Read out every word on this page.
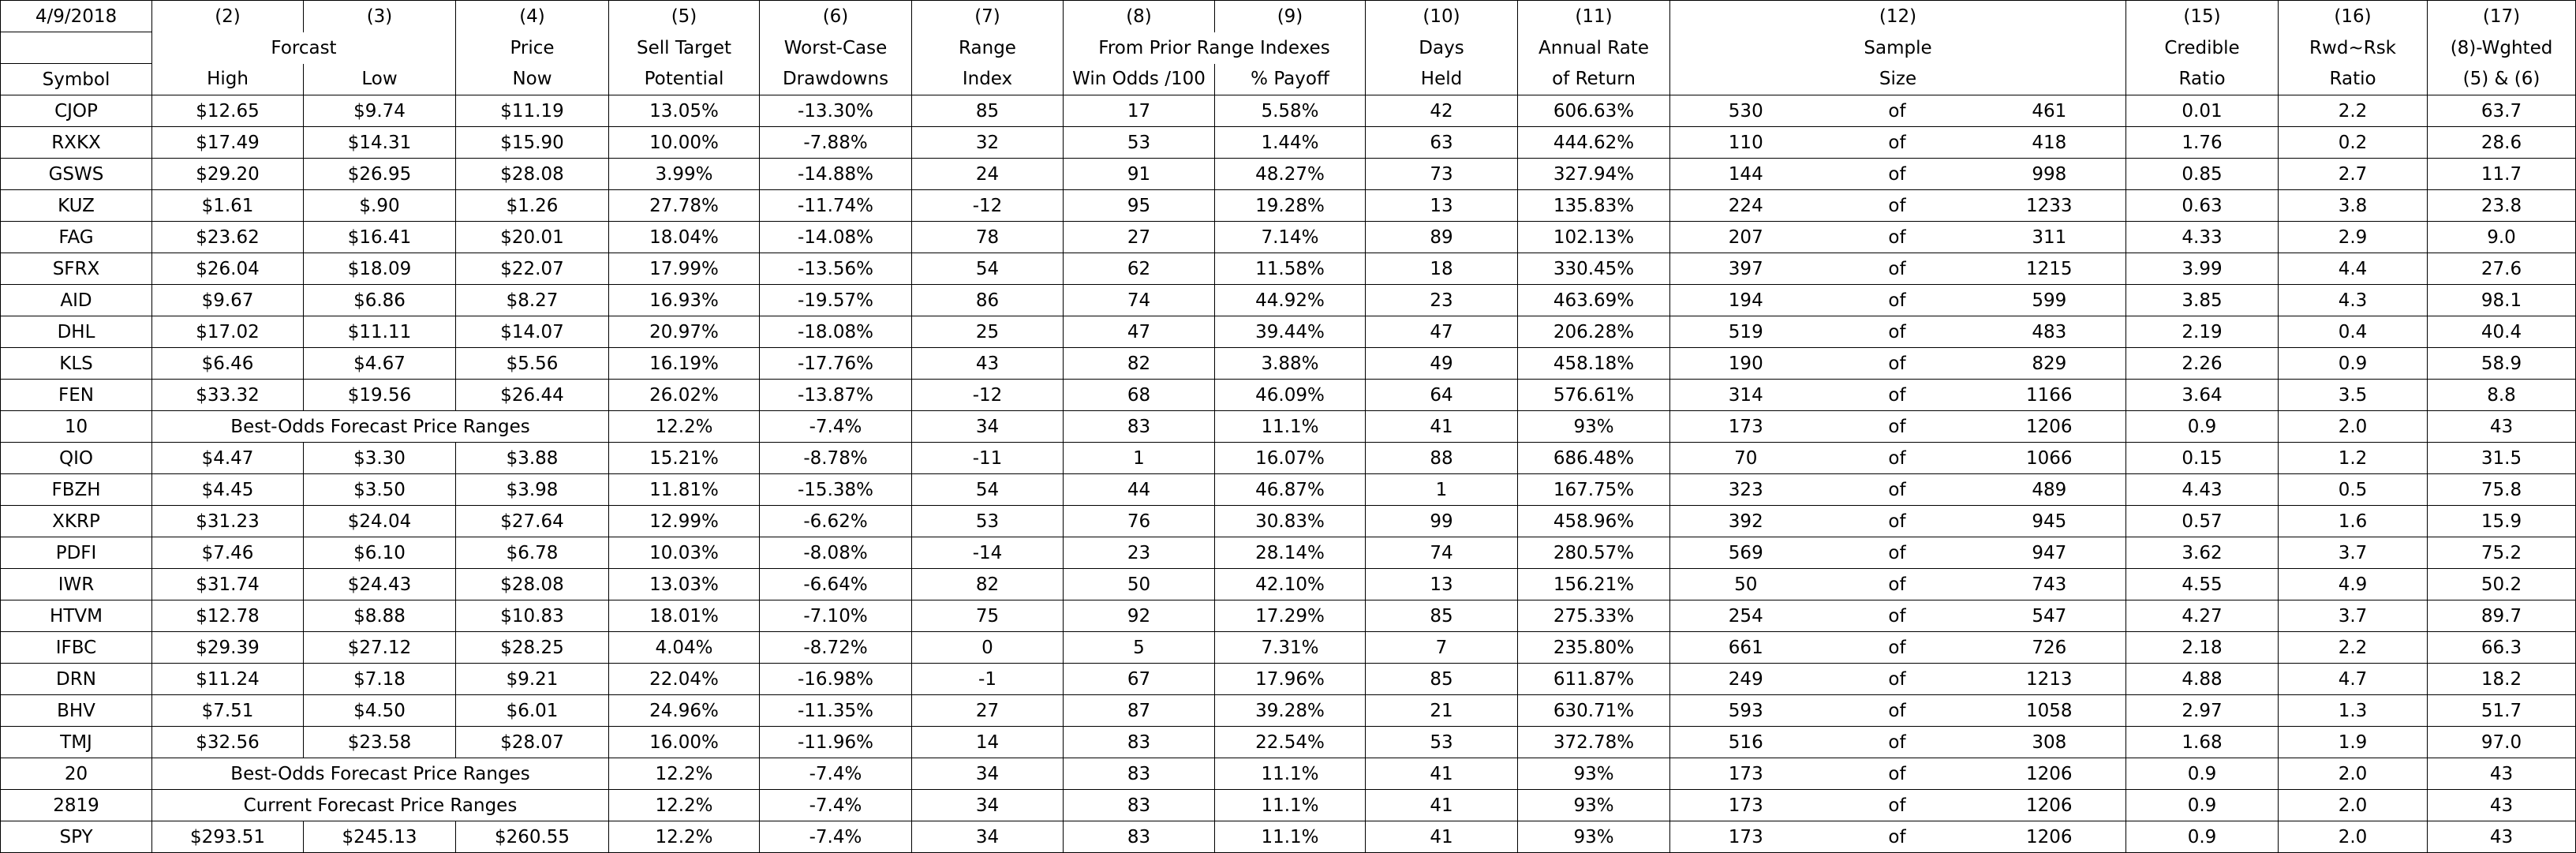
4/9/2018	(2)	(3)	(4)	(5)	(6)	(7)	(8)	(9)	(10)	(11)	(12)			(15)	(16)	(17)
	Forcast		Price	Sell Target	Worst-Case	Range	From Prior Range Indexes		Days	Annual Rate	Sample			Credible	Rwd~Rsk	(8)-Wghted
Symbol	High	Low	Now	Potential	Drawdowns	Index	Win Odds /100	% Payoff	Held	of Return	Size			Ratio	Ratio	(5) & (6)
CJOP	$12.65	$9.74	$11.19	13.05%	-13.30%	85	17	5.58%	42	606.63%	530	of	461	0.01	2.2	63.7
RXKX	$17.49	$14.31	$15.90	10.00%	-7.88%	32	53	1.44%	63	444.62%	110	of	418	1.76	0.2	28.6
GSWS	$29.20	$26.95	$28.08	3.99%	-14.88%	24	91	48.27%	73	327.94%	144	of	998	0.85	2.7	11.7
KUZ	$1.61	$.90	$1.26	27.78%	-11.74%	-12	95	19.28%	13	135.83%	224	of	1233	0.63	3.8	23.8
FAG	$23.62	$16.41	$20.01	18.04%	-14.08%	78	27	7.14%	89	102.13%	207	of	311	4.33	2.9	9.0
SFRX	$26.04	$18.09	$22.07	17.99%	-13.56%	54	62	11.58%	18	330.45%	397	of	1215	3.99	4.4	27.6
AID	$9.67	$6.86	$8.27	16.93%	-19.57%	86	74	44.92%	23	463.69%	194	of	599	3.85	4.3	98.1
DHL	$17.02	$11.11	$14.07	20.97%	-18.08%	25	47	39.44%	47	206.28%	519	of	483	2.19	0.4	40.4
KLS	$6.46	$4.67	$5.56	16.19%	-17.76%	43	82	3.88%	49	458.18%	190	of	829	2.26	0.9	58.9
FEN	$33.32	$19.56	$26.44	26.02%	-13.87%	-12	68	46.09%	64	576.61%	314	of	1166	3.64	3.5	8.8
10	Best-Odds Forecast Price Ranges			12.2%	-7.4%	34	83	11.1%	41	93%	173	of	1206	0.9	2.0	43
QIO	$4.47	$3.30	$3.88	15.21%	-8.78%	-11	1	16.07%	88	686.48%	70	of	1066	0.15	1.2	31.5
FBZH	$4.45	$3.50	$3.98	11.81%	-15.38%	54	44	46.87%	1	167.75%	323	of	489	4.43	0.5	75.8
XKRP	$31.23	$24.04	$27.64	12.99%	-6.62%	53	76	30.83%	99	458.96%	392	of	945	0.57	1.6	15.9
PDFI	$7.46	$6.10	$6.78	10.03%	-8.08%	-14	23	28.14%	74	280.57%	569	of	947	3.62	3.7	75.2
IWR	$31.74	$24.43	$28.08	13.03%	-6.64%	82	50	42.10%	13	156.21%	50	of	743	4.55	4.9	50.2
HTVM	$12.78	$8.88	$10.83	18.01%	-7.10%	75	92	17.29%	85	275.33%	254	of	547	4.27	3.7	89.7
IFBC	$29.39	$27.12	$28.25	4.04%	-8.72%	0	5	7.31%	7	235.80%	661	of	726	2.18	2.2	66.3
DRN	$11.24	$7.18	$9.21	22.04%	-16.98%	-1	67	17.96%	85	611.87%	249	of	1213	4.88	4.7	18.2
BHV	$7.51	$4.50	$6.01	24.96%	-11.35%	27	87	39.28%	21	630.71%	593	of	1058	2.97	1.3	51.7
TMJ	$32.56	$23.58	$28.07	16.00%	-11.96%	14	83	22.54%	53	372.78%	516	of	308	1.68	1.9	97.0
20	Best-Odds Forecast Price Ranges			12.2%	-7.4%	34	83	11.1%	41	93%	173	of	1206	0.9	2.0	43
2819	Current Forecast Price Ranges			12.2%	-7.4%	34	83	11.1%	41	93%	173	of	1206	0.9	2.0	43
SPY	$293.51	$245.13	$260.55	12.2%	-7.4%	34	83	11.1%	41	93%	173	of	1206	0.9	2.0	43
